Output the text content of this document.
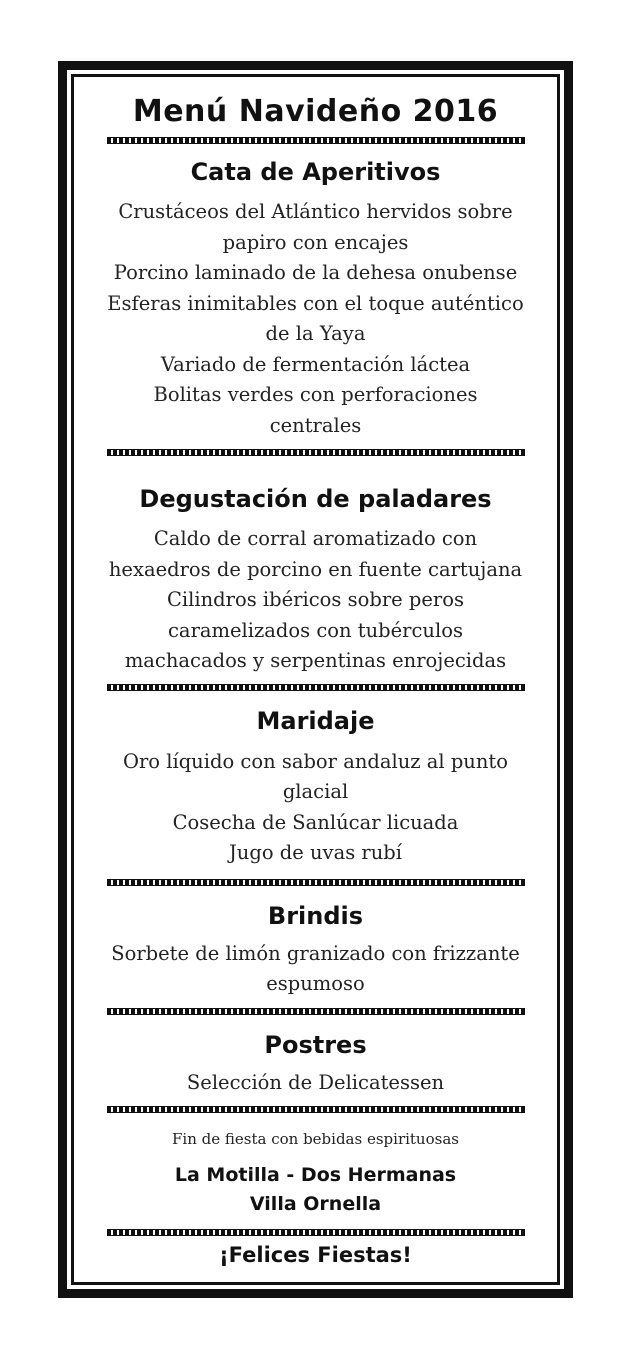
Menú Navideño 2016
Cata de Aperitivos

Crustáceos del Atlántico hervidos sobre

papiro con encajes

Porcino laminado de la dehesa onubense

Esferas inimitables con el toque auténtico

de la Yaya

Variado de fermentación láctea

Bolitas verdes con perforaciones

centrales

Degustación de paladares

Caldo de corral aromatizado con

hexaedros de porcino en fuente cartujana

Cilindros ibéricos sobre peros

caramelizados con tubérculos

machacados y serpentinas enrojecidas

Maridaje

Oro líquido con sabor andaluz al punto

glacial

Cosecha de Sanlúcar licuada

Jugo de uvas rubí

Brindis

Sorbete de limón granizado con frizzante

espumoso

Postres

Selección de Delicatessen

Fin de fiesta con bebidas espirituosas

La Motilla - Dos Hermanas

Villa Ornella

¡Felices Fiestas!
